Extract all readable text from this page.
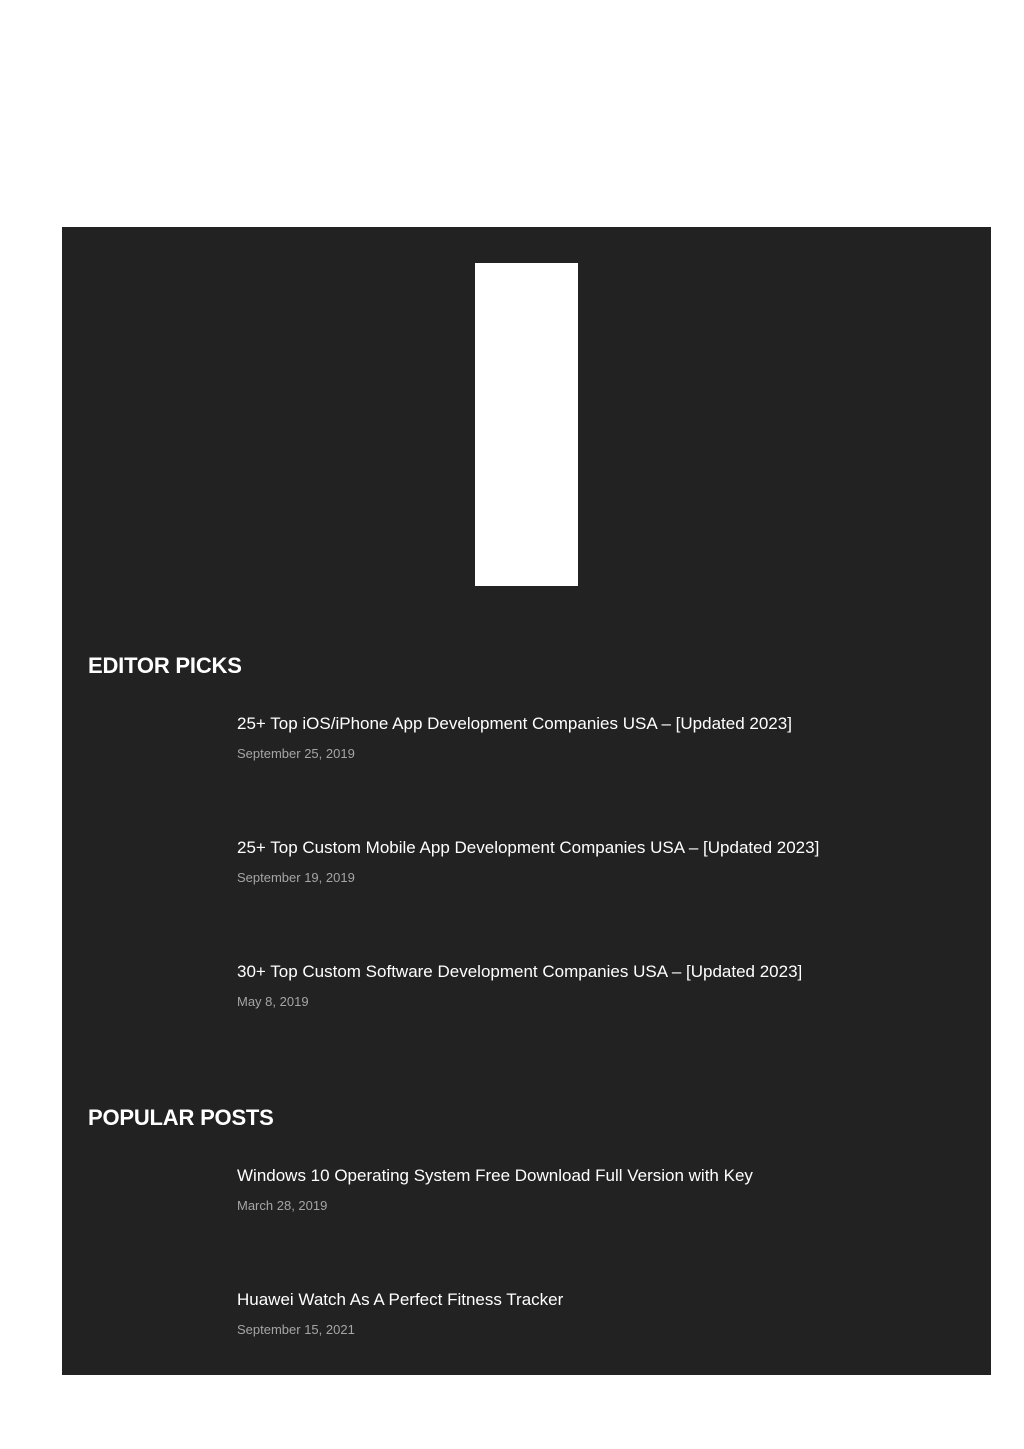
EDITOR PICKS
25+ Top iOS/iPhone App Development Companies USA – [Updated 2023]
September 25, 2019
25+ Top Custom Mobile App Development Companies USA – [Updated 2023]
September 19, 2019
30+ Top Custom Software Development Companies USA – [Updated 2023]
May 8, 2019
POPULAR POSTS
Windows 10 Operating System Free Download Full Version with Key
March 28, 2019
Huawei Watch As A Perfect Fitness Tracker
September 15, 2021
